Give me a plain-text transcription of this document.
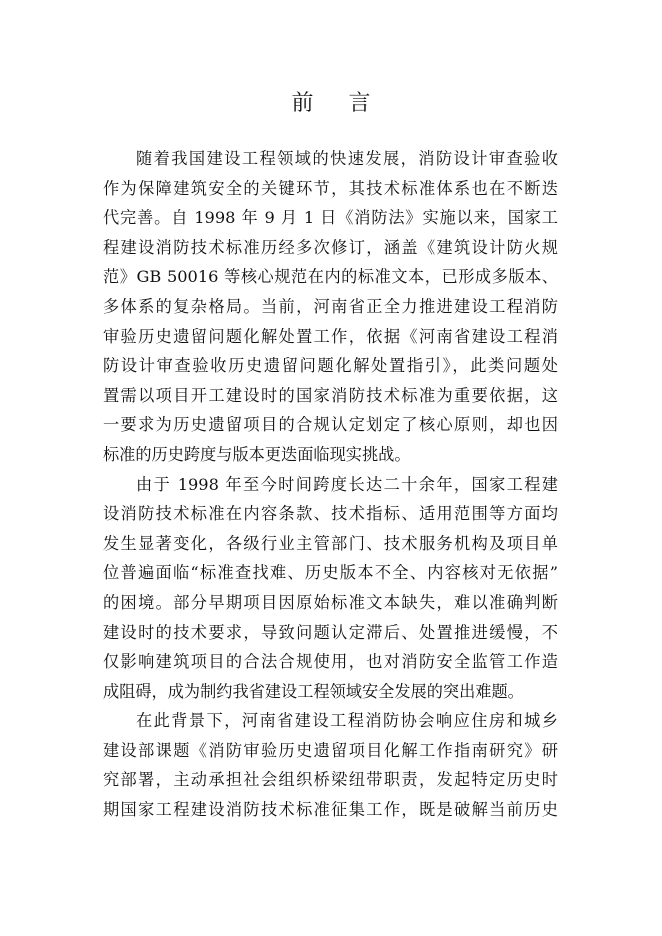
前 言
随着我国建设工程领域的快速发展，消防设计审查验收
作为保障建筑安全的关键环节，其技术标准体系也在不断迭
代完善。自 1998 年 9 月 1 日《消防法》实施以来，国家工
程建设消防技术标准历经多次修订，涵盖《建筑设计防火规
范》GB 50016 等核心规范在内的标准文本，已形成多版本、
多体系的复杂格局。当前，河南省正全力推进建设工程消防
审验历史遗留问题化解处置工作，依据《河南省建设工程消
防设计审查验收历史遗留问题化解处置指引》，此类问题处
置需以项目开工建设时的国家消防技术标准为重要依据，这
一要求为历史遗留项目的合规认定划定了核心原则，却也因
标准的历史跨度与版本更迭面临现实挑战。
由于 1998 年至今时间跨度长达二十余年，国家工程建
设消防技术标准在内容条款、技术指标、适用范围等方面均
发生显著变化，各级行业主管部门、技术服务机构及项目单
位普遍面临“标准查找难、历史版本不全、内容核对无依据”
的困境。部分早期项目因原始标准文本缺失，难以准确判断
建设时的技术要求，导致问题认定滞后、处置推进缓慢，不
仅影响建筑项目的合法合规使用，也对消防安全监管工作造
成阻碍，成为制约我省建设工程领域安全发展的突出难题。
在此背景下，河南省建设工程消防协会响应住房和城乡
建设部课题《消防审验历史遗留项目化解工作指南研究》研
究部署，主动承担社会组织桥梁纽带职责，发起特定历史时
期国家工程建设消防技术标准征集工作，既是破解当前历史
